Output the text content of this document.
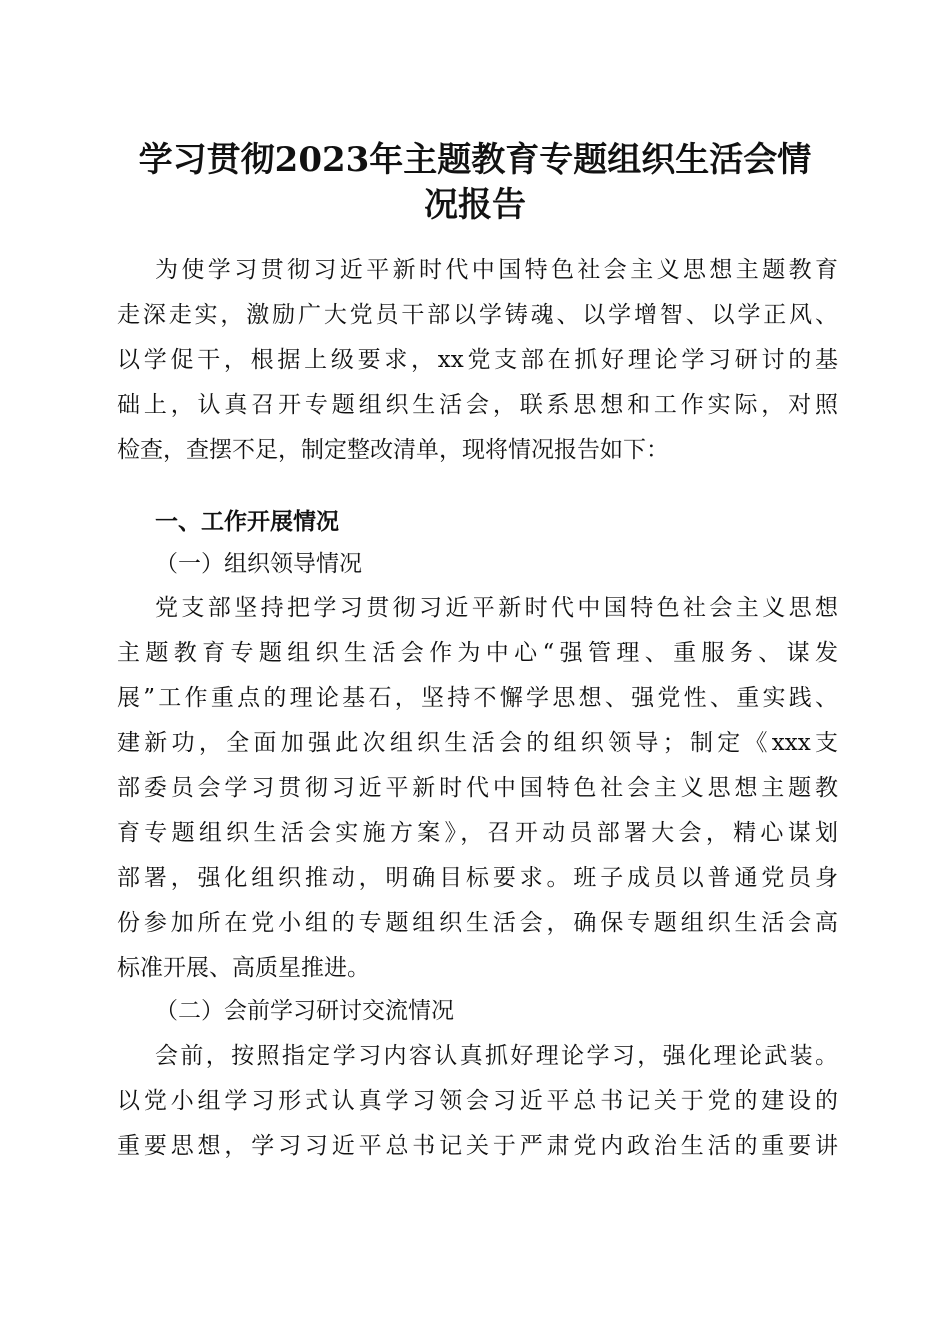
学习贯彻2023年主题教育专题组织生活会情
况报告
为使学习贯彻习近平新时代中国特色社会主义思想主题教育
走深走实，激励广大党员干部以学铸魂、以学增智、以学正风、
以学促干，根据上级要求，xx党支部在抓好理论学习研讨的基
础上，认真召开专题组织生活会，联系思想和工作实际，对照
检查，查摆不足，制定整改清单，现将情况报告如下：
一、工作开展情况
（一）组织领导情况
党支部坚持把学习贯彻习近平新时代中国特色社会主义思想
主题教育专题组织生活会作为中心“强管理、重服务、谋发
展”工作重点的理论基石，坚持不懈学思想、强党性、重实践、
建新功，全面加强此次组织生活会的组织领导；制定《xxx支
部委员会学习贯彻习近平新时代中国特色社会主义思想主题教
育专题组织生活会实施方案》，召开动员部署大会，精心谋划
部署，强化组织推动，明确目标要求。班子成员以普通党员身
份参加所在党小组的专题组织生活会，确保专题组织生活会高
标准开展、高质星推进。
（二）会前学习研讨交流情况
会前，按照指定学习内容认真抓好理论学习，强化理论武装。
以党小组学习形式认真学习领会习近平总书记关于党的建设的
重要思想，学习习近平总书记关于严肃党内政治生活的重要讲
